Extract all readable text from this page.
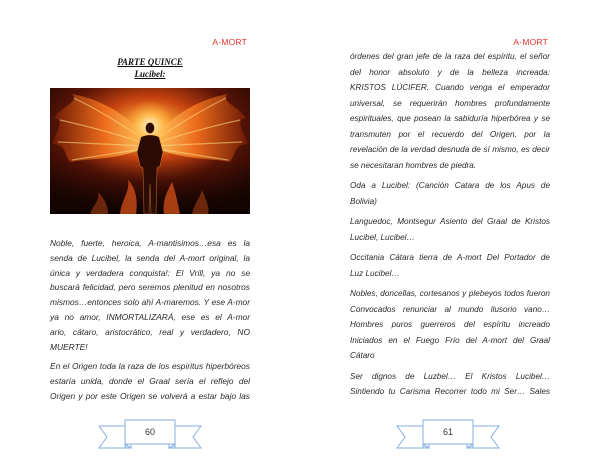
A-MORT
PARTE QUINCE
Lucibel:
Noble, fuerte, heroica, A-mantisimos…esa es la
senda de Lucibel, la senda del A-mort original, la
única y verdadera conquista!: El Vrill, ya no se
buscará felicidad, pero seremos plenitud en nosotros
mismos…entonces solo ahí A-maremos. Y ese A-mor
ya no amor, INMORTALIZARÁ, ese es el A-mor
ario, cátaro, aristocrático, real y verdadero, NO
MUERTE!
En el Origen toda la raza de los espiritus hiperbóreos
estaría unida, donde el Graal sería el reflejo del
Origen y por este Origen se volverá a estar bajo las
60
A-MORT
órdenes del gran jefe de la raza del espíritu, el señor
del honor absoluto y de la belleza increada:
KRISTOS LÚCIFER. Cuando venga el emperador
universal, se requerirán hombres profundamente
espirituales, que posean la sabiduría hiperbórea y se
transmuten por el recuerdo del Origen, por la
revelación de la verdad desnuda de sí mismo, es decir
se necesitaran hombres de piedra.
Oda a Lucibel: (Canción Catara de los Apus de
Bolivia)
Languedoc, Montsegur Asiento del Graal de Kristos
Lucibel, Lucibel…
Occitania Cátara tierra de A-mort Del Portador de
Luz Lucibel…
Nobles, doncellas, cortesanos y plebeyos todos fueron
Convocados renunciar al mundo ilusorio vano…
Hombres puros guerreros del espíritu increado
Iniciados en el Fuego Frío del A-mort del Graal
Cátaro
Ser dignos de Luzbel… El Kristos Lucibel…
Sintiendo tu Carisma Recorrer todo mi Ser… Sales
61
